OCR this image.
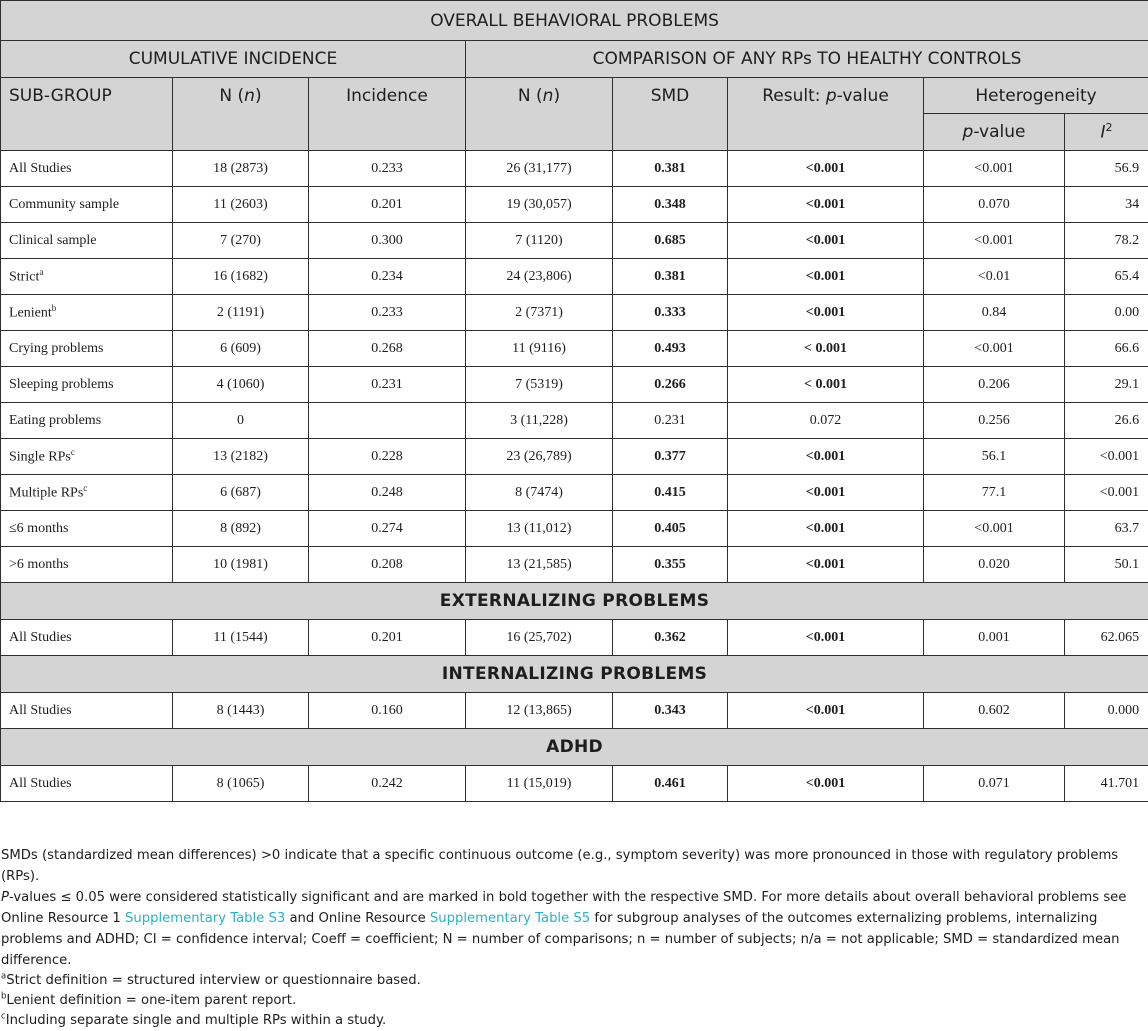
OVERALL BEHAVIORAL PROBLEMS							
CUMULATIVE INCIDENCE			COMPARISON OF ANY RPs TO HEALTHY CONTROLS				
SUB-GROUP	N (n)	Incidence	N (n)	SMD	Result: p-value	Heterogeneity	
						p-value	$I^2$
All Studies	18 (2873)	0.233	26 (31,177)	0.381	<0.001	<0.001	56.9
Community sample	11 (2603)	0.201	19 (30,057)	0.348	<0.001	0.070	34
Clinical sample	7 (270)	0.300	7 (1120)	0.685	<0.001	<0.001	78.2
Strict$^a$	16 (1682)	0.234	24 (23,806)	0.381	<0.001	<0.01	65.4
Lenient$^b$	2 (1191)	0.233	2 (7371)	0.333	<0.001	0.84	0.00
Crying problems	6 (609)	0.268	11 (9116)	0.493	< 0.001	<0.001	66.6
Sleeping problems	4 (1060)	0.231	7 (5319)	0.266	< 0.001	0.206	29.1
Eating problems	0		3 (11,228)	0.231	0.072	0.256	26.6
Single RPs$^c$	13 (2182)	0.228	23 (26,789)	0.377	<0.001	56.1	<0.001
Multiple RPs$^c$	6 (687)	0.248	8 (7474)	0.415	<0.001	77.1	<0.001
≤6 months	8 (892)	0.274	13 (11,012)	0.405	<0.001	<0.001	63.7
>6 months	10 (1981)	0.208	13 (21,585)	0.355	<0.001	0.020	50.1
EXTERNALIZING PROBLEMS							
All Studies	11 (1544)	0.201	16 (25,702)	0.362	<0.001	0.001	62.065
INTERNALIZING PROBLEMS							
All Studies	8 (1443)	0.160	12 (13,865)	0.343	<0.001	0.602	0.000
ADHD							
All Studies	8 (1065)	0.242	11 (15,019)	0.461	<0.001	0.071	41.701

SMDs (standardized mean differences) >0 indicate that a specific continuous outcome (e.g., symptom severity) was more pronounced in those with regulatory problems (RPs).
P-values ≤ 0.05 were considered statistically significant and are marked in bold together with the respective SMD. For more details about overall behavioral problems see Online Resource 1 Supplementary Table S3 and Online Resource Supplementary Table S5 for subgroup analyses of the outcomes externalizing problems, internalizing problems and ADHD; CI = confidence interval; Coeff = coefficient; N = number of comparisons; n = number of subjects; n/a = not applicable; SMD = standardized mean difference.

$^a$Strict definition = structured interview or questionnaire based.
$^b$Lenient definition = one-item parent report.
$^c$Including separate single and multiple RPs within a study.
